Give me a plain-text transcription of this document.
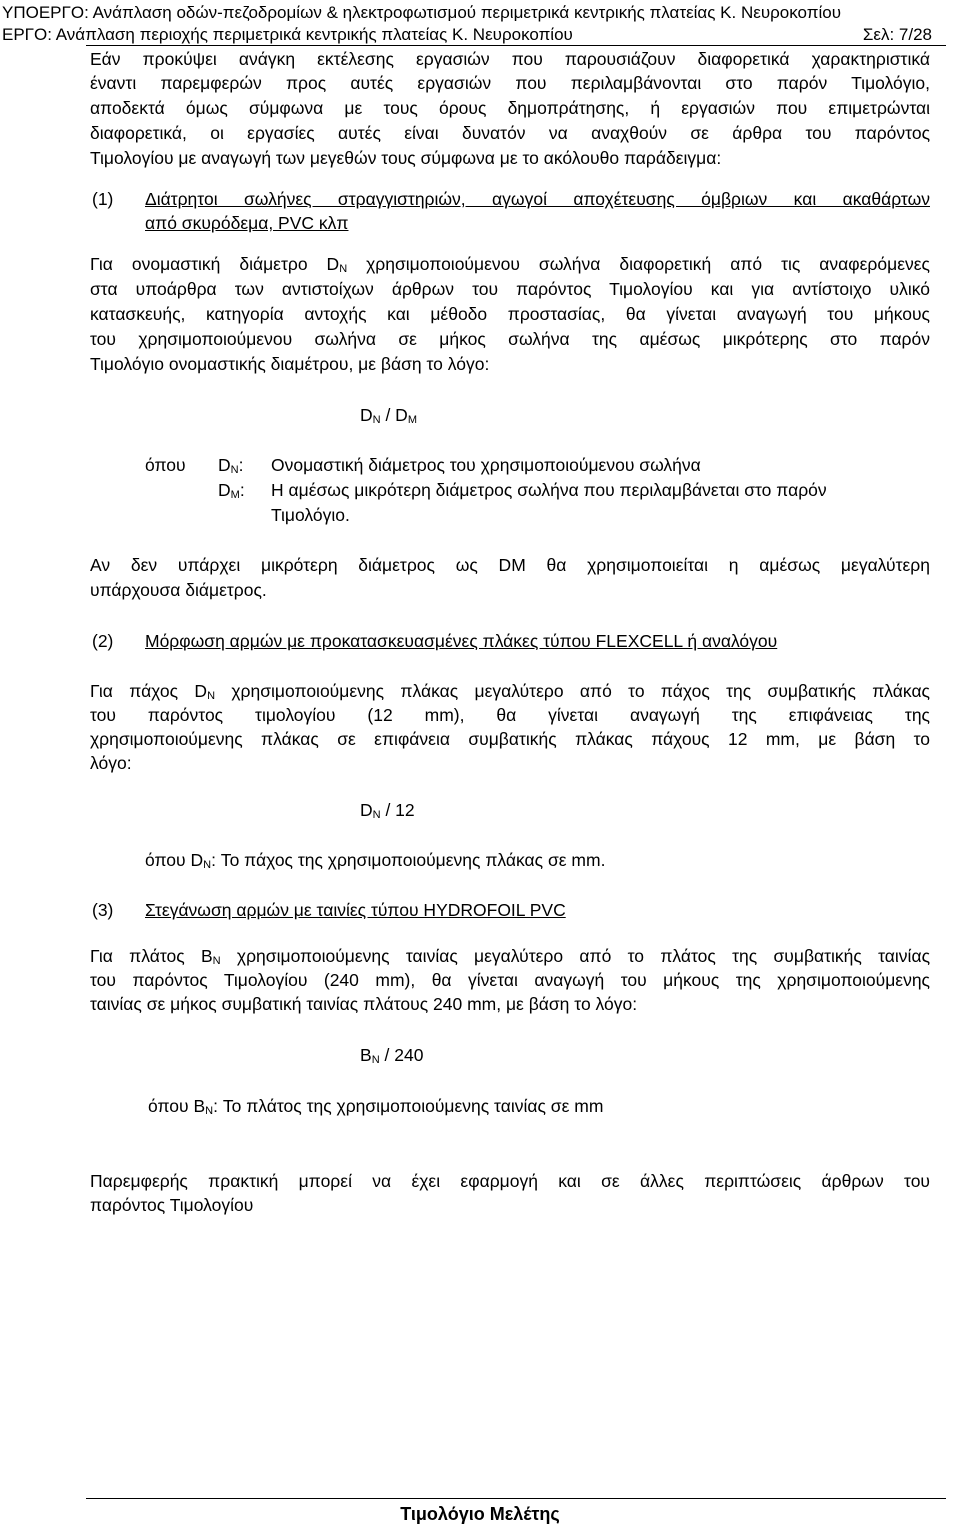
ΥΠΟΕΡΓΟ: Ανάπλαση οδών-πεζοδρομίων & ηλεκτροφωτισμού περιμετρικά κεντρικής πλατείας Κ. Νευροκοπίου
ΕΡΓΟ: Ανάπλαση περιοχής περιμετρικά κεντρικής πλατείας Κ. Νευροκοπίου	Σελ: 7/28
Εάν προκύψει ανάγκη εκτέλεσης εργασιών που παρουσιάζουν διαφορετικά χαρακτηριστικά
έναντι παρεμφερών προς αυτές εργασιών που περιλαμβάνονται στο παρόν Τιμολόγιο,
αποδεκτά όμως σύμφωνα με τους όρους δημοπράτησης, ή εργασιών που επιμετρώνται
διαφορετικά, οι εργασίες αυτές είναι δυνατόν να αναχθούν σε άρθρα του παρόντος
Τιμολογίου με αναγωγή των μεγεθών τους σύμφωνα με το ακόλουθο παράδειγμα:
(1) Διάτρητοι σωλήνες στραγγιστηριών, αγωγοί αποχέτευσης όμβριων και ακαθάρτων
από σκυρόδεμα, PVC κλπ
Για ονομαστική διάμετρο DN χρησιμοποιούμενου σωλήνα διαφορετική από τις αναφερόμενες
στα υποάρθρα των αντιστοίχων άρθρων του παρόντος Τιμολογίου και για αντίστοιχο υλικό
κατασκευής, κατηγορία αντοχής και μέθοδο προστασίας, θα γίνεται αναγωγή του μήκους
του χρησιμοποιούμενου σωλήνα σε μήκος σωλήνα της αμέσως μικρότερης στο παρόν
Τιμολόγιο ονομαστικής διαμέτρου, με βάση το λόγο:
DN / DM
όπου DN: Ονομαστική διάμετρος του χρησιμοποιούμενου σωλήνα
DM: Η αμέσως μικρότερη διάμετρος σωλήνα που περιλαμβάνεται στο παρόν
Τιμολόγιο.
Αν δεν υπάρχει μικρότερη διάμετρος ως DM θα χρησιμοποιείται η αμέσως μεγαλύτερη
υπάρχουσα διάμετρος.
(2) Μόρφωση αρμών με προκατασκευασμένες πλάκες τύπου FLEXCELL ή αναλόγου
Για πάχος DN χρησιμοποιούμενης πλάκας μεγαλύτερο από το πάχος της συμβατικής πλάκας
του παρόντος τιμολογίου (12 mm), θα γίνεται αναγωγή της επιφάνειας της
χρησιμοποιούμενης πλάκας σε επιφάνεια συμβατικής πλάκας πάχους 12 mm, με βάση το
λόγο:
DN / 12
όπου DN: Το πάχος της χρησιμοποιούμενης πλάκας σε mm.
(3) Στεγάνωση αρμών με ταινίες τύπου HYDROFOIL PVC
Για πλάτος BN χρησιμοποιούμενης ταινίας μεγαλύτερο από το πλάτος της συμβατικής ταινίας
του παρόντος Τιμολογίου (240 mm), θα γίνεται αναγωγή του μήκους της χρησιμοποιούμενης
ταινίας σε μήκος συμβατική ταινίας πλάτους 240 mm, με βάση το λόγο:
BN / 240
όπου BN: Το πλάτος της χρησιμοποιούμενης ταινίας σε mm
Παρεμφερής πρακτική μπορεί να έχει εφαρμογή και σε άλλες περιπτώσεις άρθρων του
παρόντος Τιμολογίου
Τιμολόγιο Μελέτης
